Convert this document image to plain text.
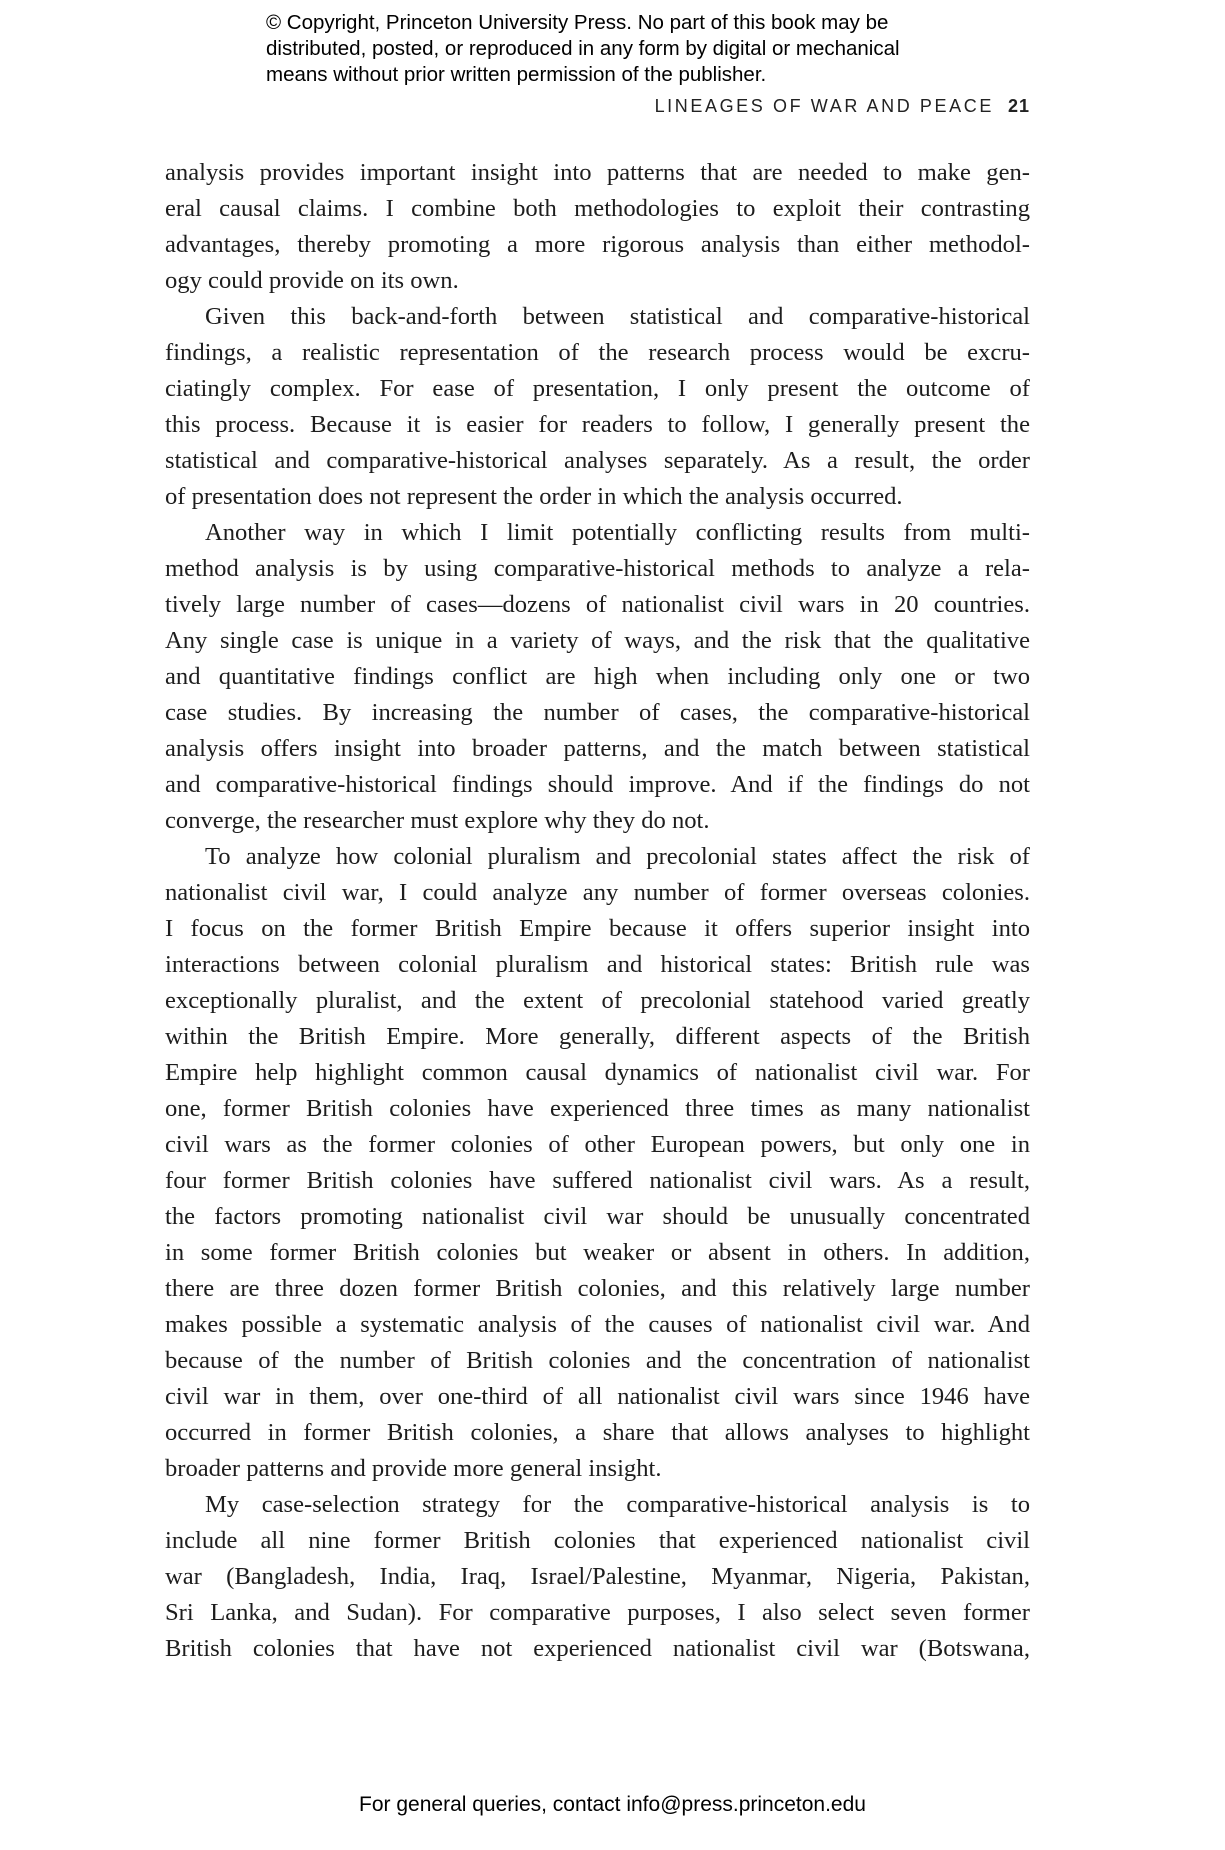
© Copyright, Princeton University Press. No part of this book may be
distributed, posted, or reproduced in any form by digital or mechanical
means without prior written permission of the publisher.
LINEAGES OF WAR AND PEACE 21
analysis provides important insight into patterns that are needed to make gen-
eral causal claims. I combine both methodologies to exploit their contrasting
advantages, thereby promoting a more rigorous analysis than either methodol-
ogy could provide on its own.
Given this back-and-forth between statistical and comparative-historical
findings, a realistic representation of the research process would be excru-
ciatingly complex. For ease of presentation, I only present the outcome of
this process. Because it is easier for readers to follow, I generally present the
statistical and comparative-historical analyses separately. As a result, the order
of presentation does not represent the order in which the analysis occurred.
Another way in which I limit potentially conflicting results from multi-
method analysis is by using comparative-historical methods to analyze a rela-
tively large number of cases—dozens of nationalist civil wars in 20 countries.
Any single case is unique in a variety of ways, and the risk that the qualitative
and quantitative findings conflict are high when including only one or two
case studies. By increasing the number of cases, the comparative-historical
analysis offers insight into broader patterns, and the match between statistical
and comparative-historical findings should improve. And if the findings do not
converge, the researcher must explore why they do not.
To analyze how colonial pluralism and precolonial states affect the risk of
nationalist civil war, I could analyze any number of former overseas colonies.
I focus on the former British Empire because it offers superior insight into
interactions between colonial pluralism and historical states: British rule was
exceptionally pluralist, and the extent of precolonial statehood varied greatly
within the British Empire. More generally, different aspects of the British
Empire help highlight common causal dynamics of nationalist civil war. For
one, former British colonies have experienced three times as many nationalist
civil wars as the former colonies of other European powers, but only one in
four former British colonies have suffered nationalist civil wars. As a result,
the factors promoting nationalist civil war should be unusually concentrated
in some former British colonies but weaker or absent in others. In addition,
there are three dozen former British colonies, and this relatively large number
makes possible a systematic analysis of the causes of nationalist civil war. And
because of the number of British colonies and the concentration of nationalist
civil war in them, over one-third of all nationalist civil wars since 1946 have
occurred in former British colonies, a share that allows analyses to highlight
broader patterns and provide more general insight.
My case-selection strategy for the comparative-historical analysis is to
include all nine former British colonies that experienced nationalist civil
war (Bangladesh, India, Iraq, Israel/Palestine, Myanmar, Nigeria, Pakistan,
Sri Lanka, and Sudan). For comparative purposes, I also select seven former
British colonies that have not experienced nationalist civil war (Botswana,
For general queries, contact info@press.princeton.edu
